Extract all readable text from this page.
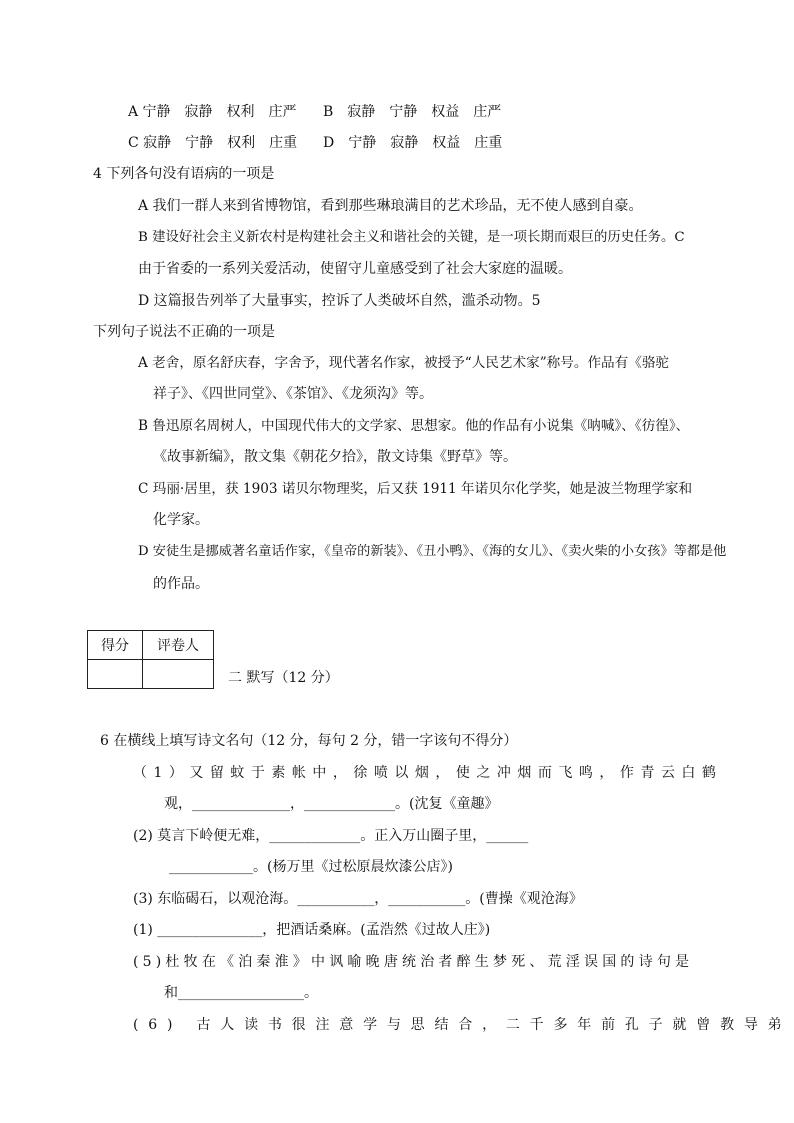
A 宁静　寂静　权利　庄严 B　寂静　宁静　权益　庄严
C 寂静　宁静　权利　庄重 D　宁静　寂静　权益　庄重
4 下列各句没有语病的一项是
A 我们一群人来到省博物馆，看到那些琳琅满目的艺术珍品，无不使人感到自豪。
B 建设好社会主义新农村是构建社会主义和谐社会的关键，是一项长期而艰巨的历史任务。C
由于省委的一系列关爱活动，使留守儿童感受到了社会大家庭的温暖。
D 这篇报告列举了大量事实，控诉了人类破坏自然，滥杀动物。5
下列句子说法不正确的一项是
A 老舍，原名舒庆春，字舍予，现代著名作家，被授予“人民艺术家”称号。作品有《骆驼
祥子》、《四世同堂》、《茶馆》、《龙须沟》等。
B 鲁迅原名周树人，中国现代伟大的文学家、思想家。他的作品有小说集《呐喊》、《彷徨》、
《故事新编》，散文集《朝花夕拾》，散文诗集《野草》等。
C 玛丽·居里，获 1903 诺贝尔物理奖，后又获 1911 年诺贝尔化学奖，她是波兰物理学家和
化学家。
D 安徒生是挪威著名童话作家，《皇帝的新装》、《丑小鸭》、《海的女儿》、《卖火柴的小女孩》等都是他
的作品。
得分	评卷人

二 默写（12 分）
6 在横线上填写诗文名句（12 分，每句 2 分，错一字该句不得分）
（1）又留蚊于素帐中，徐喷以烟，使之冲烟而飞鸣，作青云白鹤
观，______________，_____________。(沈复《童趣》
(2) 莫言下岭便无难，_____________。正入万山圈子里，______
____________。(杨万里《过松原晨炊漆公店》)
(3) 东临碣石，以观沧海。___________，___________。(曹操《观沧海》
(1) _______________，把酒话桑麻。(孟浩然《过故人庄》)
(5)杜牧在《泊秦淮》中讽喻晚唐统治者醉生梦死、荒淫误国的诗句是
和__________________。
(6) 古人读书很注意学与思结合，二千多年前孔子就曾教导弟
